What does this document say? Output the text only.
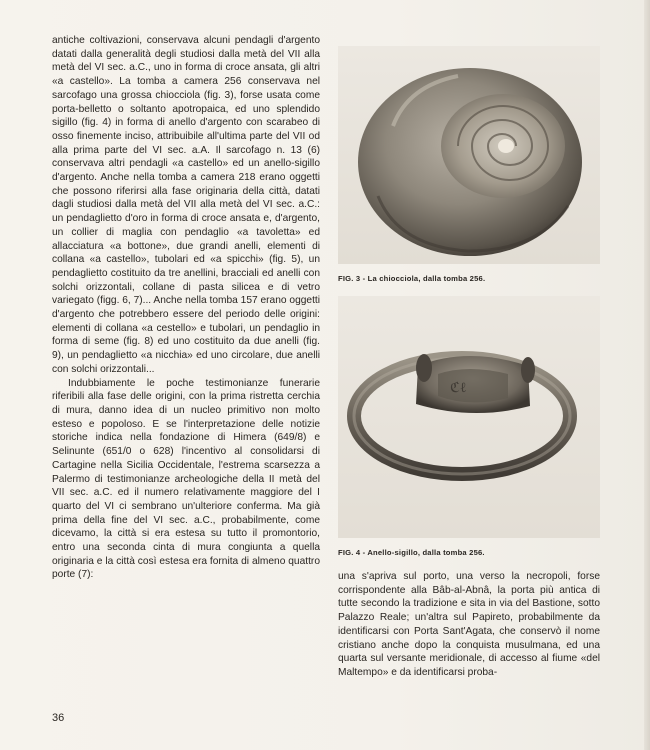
antiche coltivazioni, conservava alcuni pendagli d'argento datati dalla generalità degli studiosi dalla metà del VII alla metà del VI sec. a.C., uno in forma di croce ansata, gli altri «a castello». La tomba a camera 256 conservava nel sarcofago una grossa chiocciola (fig. 3), forse usata come porta-belletto o soltanto apotropaica, ed uno splendido sigillo (fig. 4) in forma di anello d'argento con scarabeo di osso finemente inciso, attribuibile all'ultima parte del VII od alla prima parte del VI sec. a.A. Il sarcofago n. 13 (6) conservava altri pendagli «a castello» ed un anello-sigillo d'argento. Anche nella tomba a camera 218 erano oggetti che possono riferirsi alla fase originaria della città, datati dagli studiosi dalla metà del VII alla metà del VI sec. a.C.: un pendaglietto d'oro in forma di croce ansata e, d'argento, un collier di maglia con pendaglio «a tavoletta» ed allacciatura «a bottone», due grandi anelli, elementi di collana «a castello», tubolari ed «a spicchi» (fig. 5), un pendaglietto costituito da tre anellini, bracciali ed anelli con solchi orizzontali, collane di pasta silicea e di vetro variegato (figg. 6, 7)... Anche nella tomba 157 erano oggetti d'argento che potrebbero essere del periodo delle origini: elementi di collana «a cestello» e tubolari, un pendaglio in forma di seme (fig. 8) ed uno costituito da due anelli (fig. 9), un pendaglietto «a nicchia» ed uno circolare, due anelli con solchi orizzontali...

Indubbiamente le poche testimonianze funerarie riferibili alla fase delle origini, con la prima ristretta cerchia di mura, danno idea di un nucleo primitivo non molto esteso e popoloso. E se l'interpretazione delle notizie storiche indica nella fondazione di Himera (649/8) e Selinunte (651/0 o 628) l'incentivo al consolidarsi di Cartagine nella Sicilia Occidentale, l'estrema scarsezza a Palermo di testimonianze archeologiche della II metà del VII sec. a.C. ed il numero relativamente maggiore del I quarto del VI ci sembrano un'ulteriore conferma. Ma già prima della fine del VI sec. a.C., probabilmente, come dicevamo, la città si era estesa su tutto il promontorio, entro una seconda cinta di mura congiunta a quella originaria e la città così estesa era fornita di almeno quattro porte (7):

FIG. 3 - La chiocciola, dalla tomba 256.
ℭℓ
FIG. 4 - Anello-sigillo, dalla tomba 256.

una s'apriva sul porto, una verso la necropoli, forse corrispondente alla Bâb-al-Abnâ, la porta più antica di tutte secondo la tradizione e sita in via del Bastione, sotto Palazzo Reale; un'altra sul Papireto, probabilmente da identificarsi con Porta Sant'Agata, che conservò il nome cristiano anche dopo la conquista musulmana, ed una quarta sul versante meridionale, di accesso al fiume «del Maltempo» e da identificarsi proba-

36
